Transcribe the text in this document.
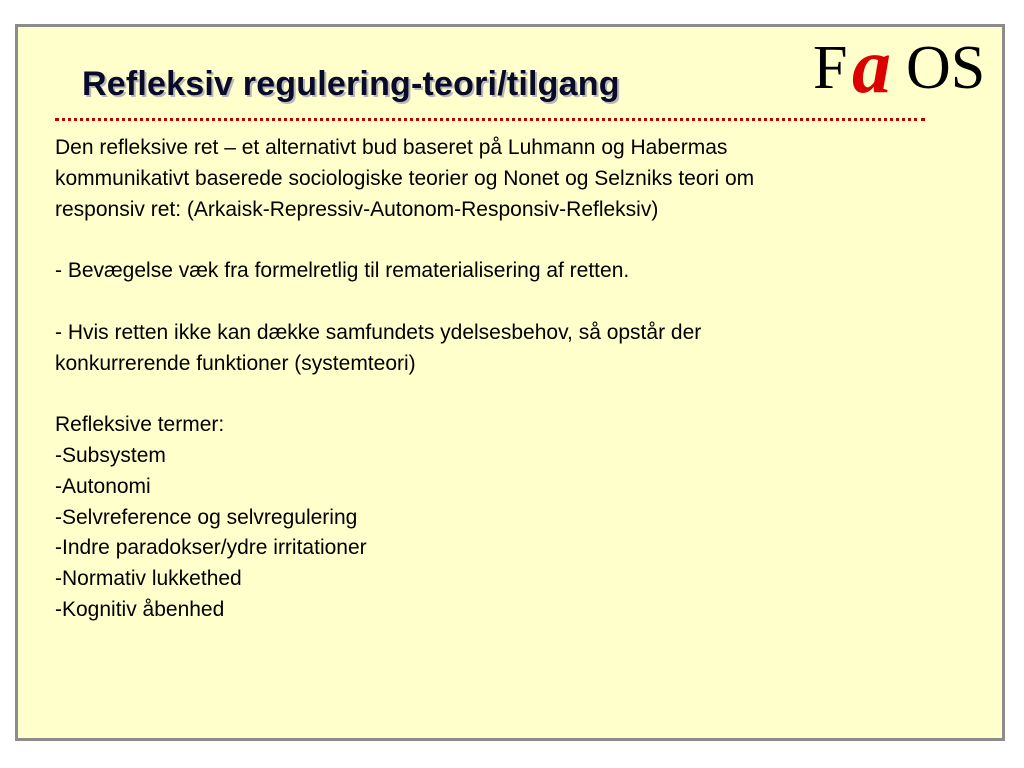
Refleksiv regulering-teori/tilgang	F a OS

Den refleksive ret – et alternativt bud baseret på Luhmann og Habermas

kommunikativt baserede sociologiske teorier og Nonet og Selzniks teori om

responsiv ret: (Arkaisk-Repressiv-Autonom-Responsiv-Refleksiv)

- Bevægelse væk fra formelretlig til rematerialisering af retten.

- Hvis retten ikke kan dække samfundets ydelsesbehov, så opstår der

konkurrerende funktioner (systemteori)

Refleksive termer:

-Subsystem

-Autonomi

-Selvreference og selvregulering

-Indre paradokser/ydre irritationer

-Normativ lukkethed

-Kognitiv åbenhed
